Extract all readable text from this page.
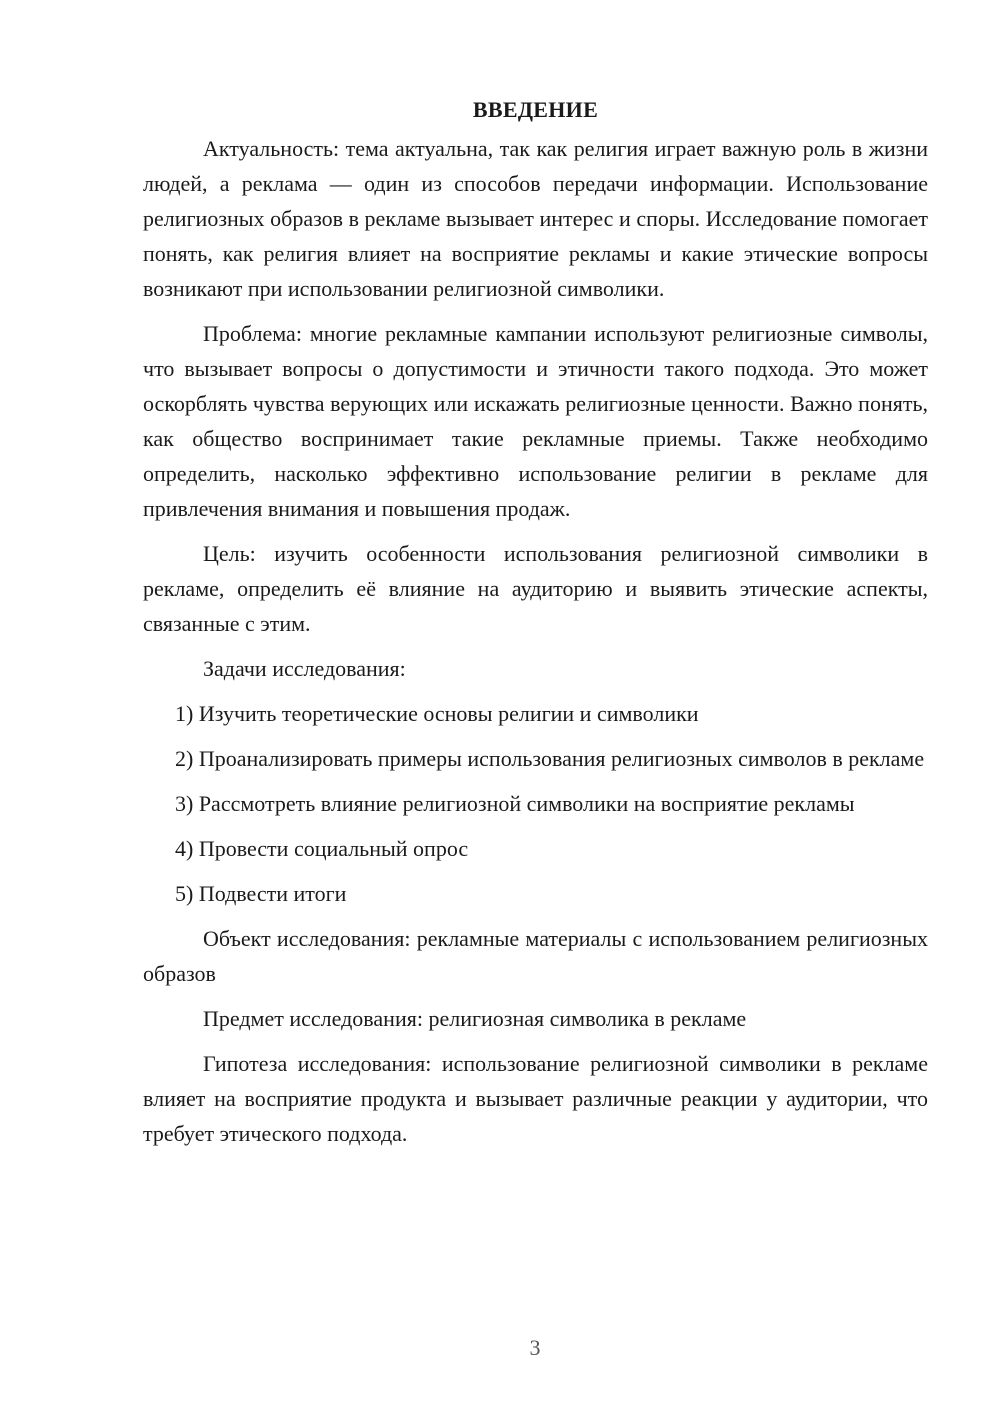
ВВЕДЕНИЕ

Актуальность: тема актуальна, так как религия играет важную роль в жизни людей, а реклама — один из способов передачи информации. Использование религиозных образов в рекламе вызывает интерес и споры. Исследование помогает понять, как религия влияет на восприятие рекламы и какие этические вопросы возникают при использовании религиозной символики.

Проблема: многие рекламные кампании используют религиозные символы, что вызывает вопросы о допустимости и этичности такого подхода. Это может оскорблять чувства верующих или искажать религиозные ценности. Важно понять, как общество воспринимает такие рекламные приемы. Также необходимо определить, насколько эффективно использование религии в рекламе для привлечения внимания и повышения продаж.

Цель: изучить особенности использования религиозной символики в рекламе, определить её влияние на аудиторию и выявить этические аспекты, связанные с этим.

Задачи исследования:

1) Изучить теоретические основы религии и символики

2) Проанализировать примеры использования религиозных символов в рекламе

3) Рассмотреть влияние религиозной символики на восприятие рекламы

4) Провести социальный опрос

5) Подвести итоги

Объект исследования: рекламные материалы с использованием религиозных образов

Предмет исследования: религиозная символика в рекламе

Гипотеза исследования: использование религиозной символики в рекламе влияет на восприятие продукта и вызывает различные реакции у аудитории, что требует этического подхода.

3
